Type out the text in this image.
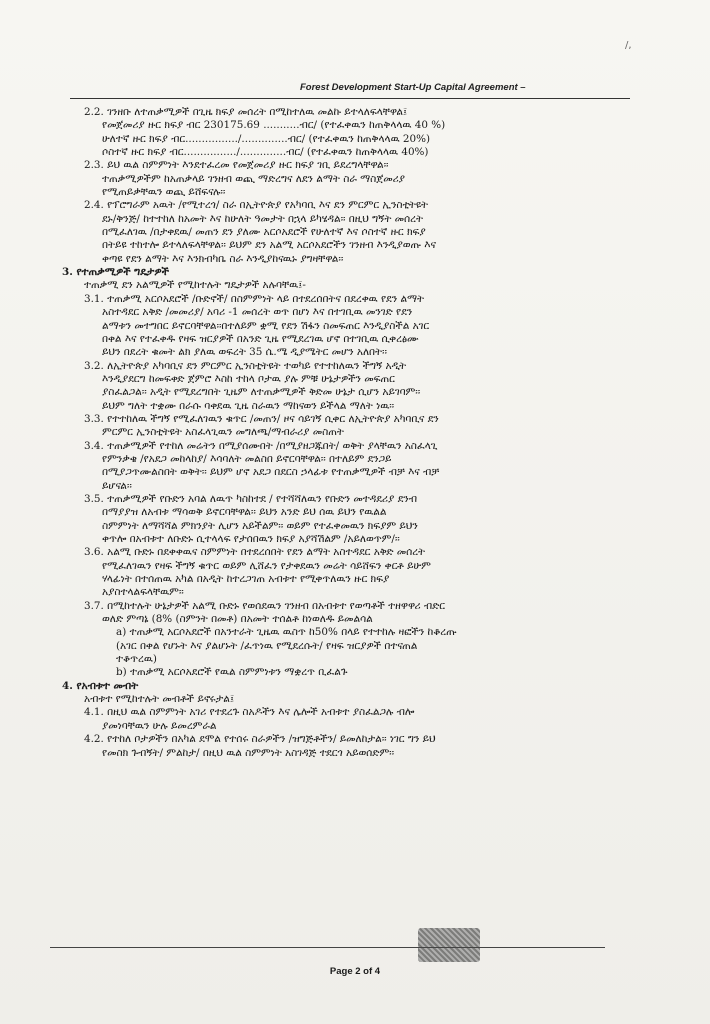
/,
Forest Development Start-Up Capital Agreement –
2.2. ገንዘቡ ለተጠቃሚዎች በጊዜ ክፍያ መሰረት በሚከተለዉ መልኩ ይተላለፍላቸዋል፤
የመጀመሪያ ዙር ክፍያ ብር 230175.69 ...........ብር/ (የተፈቀዉን ከጠቅላላዉ 40 %)
ሁለተኛ ዙር ክፍያ ብር................/..............ብር/ (የተፈቀዉን ከጠቅላላዉ 20%)
ሶስተኛ ዙር ክፍያ ብር................/..............ብር/ (የተፈቀዉን ከጠቅላላዉ 40%)
2.3. ይህ ዉል ስምምነት እንደተፈረመ የመጀመሪያ ዙር ክፍያ ገቢ ይደረግላቸዋል፡፡
ተጠቃሚዎችም ከአጠቃላይ ገንዘብ ወጪ ማድረግና ለደን ልማት ስራ ማስጀመሪያ
የሚጠይቃቸዉን ወጪ ይሸፍናሉ፡፡
2.4. የፕሮግራም አዉት /የሚተረጎ/ ስራ በኢትዮጵያ የአካባቢ እና ደን ምርምር ኢንስቲትዩት
ደኑ/ቅንጅ/ ከተተከለ ከአመት እና ከሁለት ዓመታት በኋላ ይካሄዳል፡፡ በዚህ ግኝት መሰረት
በሚፈለገዉ /በታቀደዉ/ መጠን ደን ያለሙ አርሶአደሮች የሁለተኛ እና ሶስተኛ ዙር ክፍያ
በትይዩ ተከተሎ ይተላለፍላቸዋል፡፡ ይህም ደን አልሚ አርሶአደሮችን ገንዘብ እንዲያወጡ እና
ቀጣዩ የደን ልማት እና እንክብካቤ ስራ እንዲያከናዉኑ ያግዛቸዋል፡፡
3. የተጠቃሚዎች ግዴታዎች
ተጠቃሚ ደን አልሚዎች የሚከተሉት ግዴታዎች አሉባቸዉ፤-
3.1. ተጠቃሚ አርሶአደሮች /ቡድኖች/ በስምምነት ላይ በተደረሰበትና በደረቀዉ የደን ልማት
አስተዳደር አቅድ /መመሪያ/ አባሪ -1 መሰረት ወጥ በሆነ እና በተገቢዉ መንገድ የደን
ልማቱን መተግበር ይኖርባቸዋል፡፡በተለይም ቋሚ የደን ሽፋን ስመፍጠር እንዲያስችል አገር
በቀል እና የተፈቀዱ የዛፍ ዝርያዎች በአንድ ጊዜ የሚደረገዉ ሆኖ በተገቢዉ ሲቀረፅሙ
ይህን በደረት ቁመት ልክ ያለዉ ወፍረት 35 ሴ.ሜ ዲያሜትር መሆን አለበት፡፡
3.2. ለኢትዮጵያ አካባቢና ደን ምርምር ኢንስቲትዩት ተወካይ የተተከለዉን ችግኝ አዲት
እንዲያደርግ ከመፍቀድ ጀምሮ እስከ ተከላ ቦታዉ ያሉ ምቹ ሁኔታዎችን መፍጠር
ያስፈልጋል፡፡ አዲት የሚደረግበት ጊዜም ለተጠቃሚዎች ቅድመ ሁኔታ ሲሆን አይገባም፡፡
ይህም ግለት ተቋሙ በራሱ ባቀደዉ ጊዜ ስራዉን ማከናወን ይችላል ማለት ነዉ፡፡
3.3. የተተከለዉ ችግኝ የሚፈለገዉን ቁጥር /መጠን/ ዞና ሳይገኝ ሲቀር ለኢትዮጵያ አካባቢና ደን
ምርምር ኢንስቲትዩት አስፈላጊዉን መግለጫ/ማብራሪያ መስጠት
3.4. ተጠቃሚዎች የተከለ መሬትን በሚያሰሙበት /በሚያዘጋጁበት/ ወቅት ያላቸዉን አስፈላጊ
የምንቃቄ /የአደጋ መከላከያ/ እሳባለት መልስበ ይኖርባቸዋል፡፡ በተለይም ደንጋይ
በሚያጋጥሙልስበት ወቅት፡፡ ይህም ሆኖ አደጋ በደርስ ኃላፊቱ የተጠቃሚዎች ብቻ እና ብቻ
ይሆናል፡፡
3.5. ተጠቃሚዎች የቡድን አባል ለዉጥ ካስከተደ / የተሻሻለዉን የቡድን መተዳደሪያ ደንብ
በማያያዝ ለአብቱ ማሳወቅ ይኖርባቸዋል፡፡ ይህን አንድ ይህ ሰዉ ይህን የዉልል
ስምምነት ለማሻሻል ምክንያት ሊሆን አይችልም፡፡ ወይም የተፈቀመዉን ክፍያም ይህን
ቀጥሎ በአብቱተ ለቡድኑ ሲተላላፍ የታሰበዉን ክፍያ አያሻሽልም /አይለወጥም/፡፡
3.6. አልሚ ቡድኑ በደቀቀዉና ስምምነት በተደረሰበት የደን ልማት አስተዳደር አቅድ መሰረት
የሚፈለገዉን የዛፍ ችግኝ ቁጥር ወይም ሊሸፈን የታቀደዉን መሬት ሳይሸፍን ቀርቶ ይሁም
ሃላፊነት በተሰጠዉ አካል በአዲት ከተረጋገጠ አብቱተ የሚቀጥለዉን ዙር ክፍያ
አያስተላልፍላቸዉም፡፡
3.7. በሚከተሉት ሁኔታዎች አልሚ ቡድኑ የወሰደዉን ገንዘብ በአብቱተ የወጣቶች ተዘዋዋሪ ብድር
ወለድ ምጣኔ (8% (ስምንት በመቶ) በአመት ተሰልቶ ከነወለዱ ይመልሳል
a) ተጠቃሚ አርሶአደሮች በአንተራት ጊዜዉ ዉስጥ ከ50% በላይ የተተከሉ ዛፎችን ከቆረጡ
(አገር በቀል የሆኑት እና ያልሆኑት /ፈጥነዉ የሚደረሱት/ የዛፍ ዝርያዎች በተናጠል
ተቆጥረዉ)
b) ተጠቃሚ አርሶአደሮች የዉል ስምምነቱን ማቋረጥ ቢፈልጉ
4. የአብቱተ መብት
አብቱተ የሚከተሉት መብቶች ይኖሩታል፤
4.1. በዚህ ዉል ስምምነት አገሪ የተደረጉ ስአዶችን እና ሌሎች አብቱተ ያስፈልጋሉ ብሎ
ያመነባቸዉን ሁሉ ይመረምራል
4.2. የተከለ ቦታዎችን በአካል ደሞል የተሰሩ ስራዎችን /ዝግጅቶችን/ ይመለከታል፡፡ ነገር ግን ይህ
የመስክ ጉብኝት/ ምልከታ/ በዚህ ዉል ስምምነት አስገዳጅ ተደርጎ አይወሰድም፡፡
Page 2 of 4
